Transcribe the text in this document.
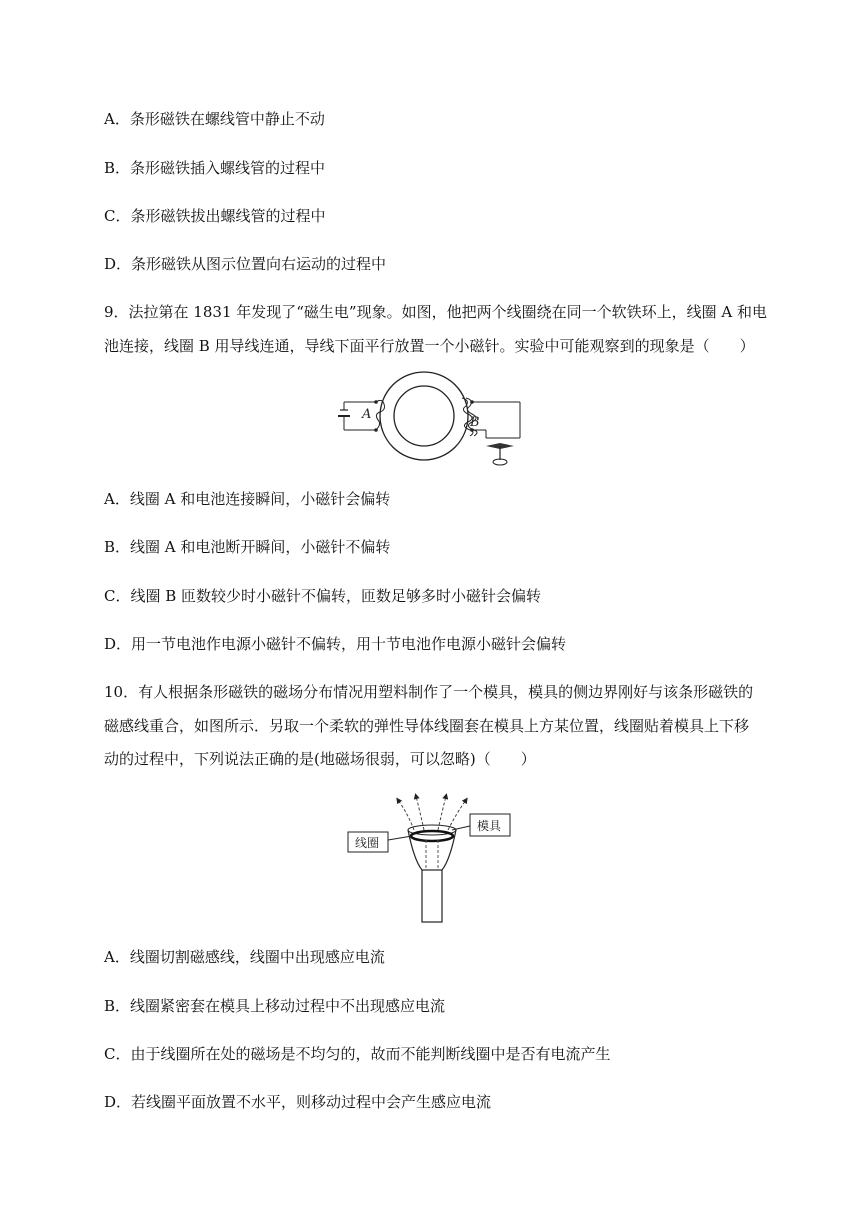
A．条形磁铁在螺线管中静止不动
B．条形磁铁插入螺线管的过程中
C．条形磁铁拔出螺线管的过程中
D．条形磁铁从图示位置向右运动的过程中
9．法拉第在 1831 年发现了“磁生电”现象。如图，他把两个线圈绕在同一个软铁环上，线圈 A 和电
池连接，线圈 B 用导线连通，导线下面平行放置一个小磁针。实验中可能观察到的现象是（　　）
A
B
A．线圈 A 和电池连接瞬间，小磁针会偏转
B．线圈 A 和电池断开瞬间，小磁针不偏转
C．线圈 B 匝数较少时小磁针不偏转，匝数足够多时小磁针会偏转
D．用一节电池作电源小磁针不偏转，用十节电池作电源小磁针会偏转
10．有人根据条形磁铁的磁场分布情况用塑料制作了一个模具，模具的侧边界刚好与该条形磁铁的
磁感线重合，如图所示．另取一个柔软的弹性导体线圈套在模具上方某位置，线圈贴着模具上下移
动的过程中，下列说法正确的是(地磁场很弱，可以忽略)（　　）
线圈
模具
A．线圈切割磁感线，线圈中出现感应电流
B．线圈紧密套在模具上移动过程中不出现感应电流
C．由于线圈所在处的磁场是不均匀的，故而不能判断线圈中是否有电流产生
D．若线圈平面放置不水平，则移动过程中会产生感应电流
